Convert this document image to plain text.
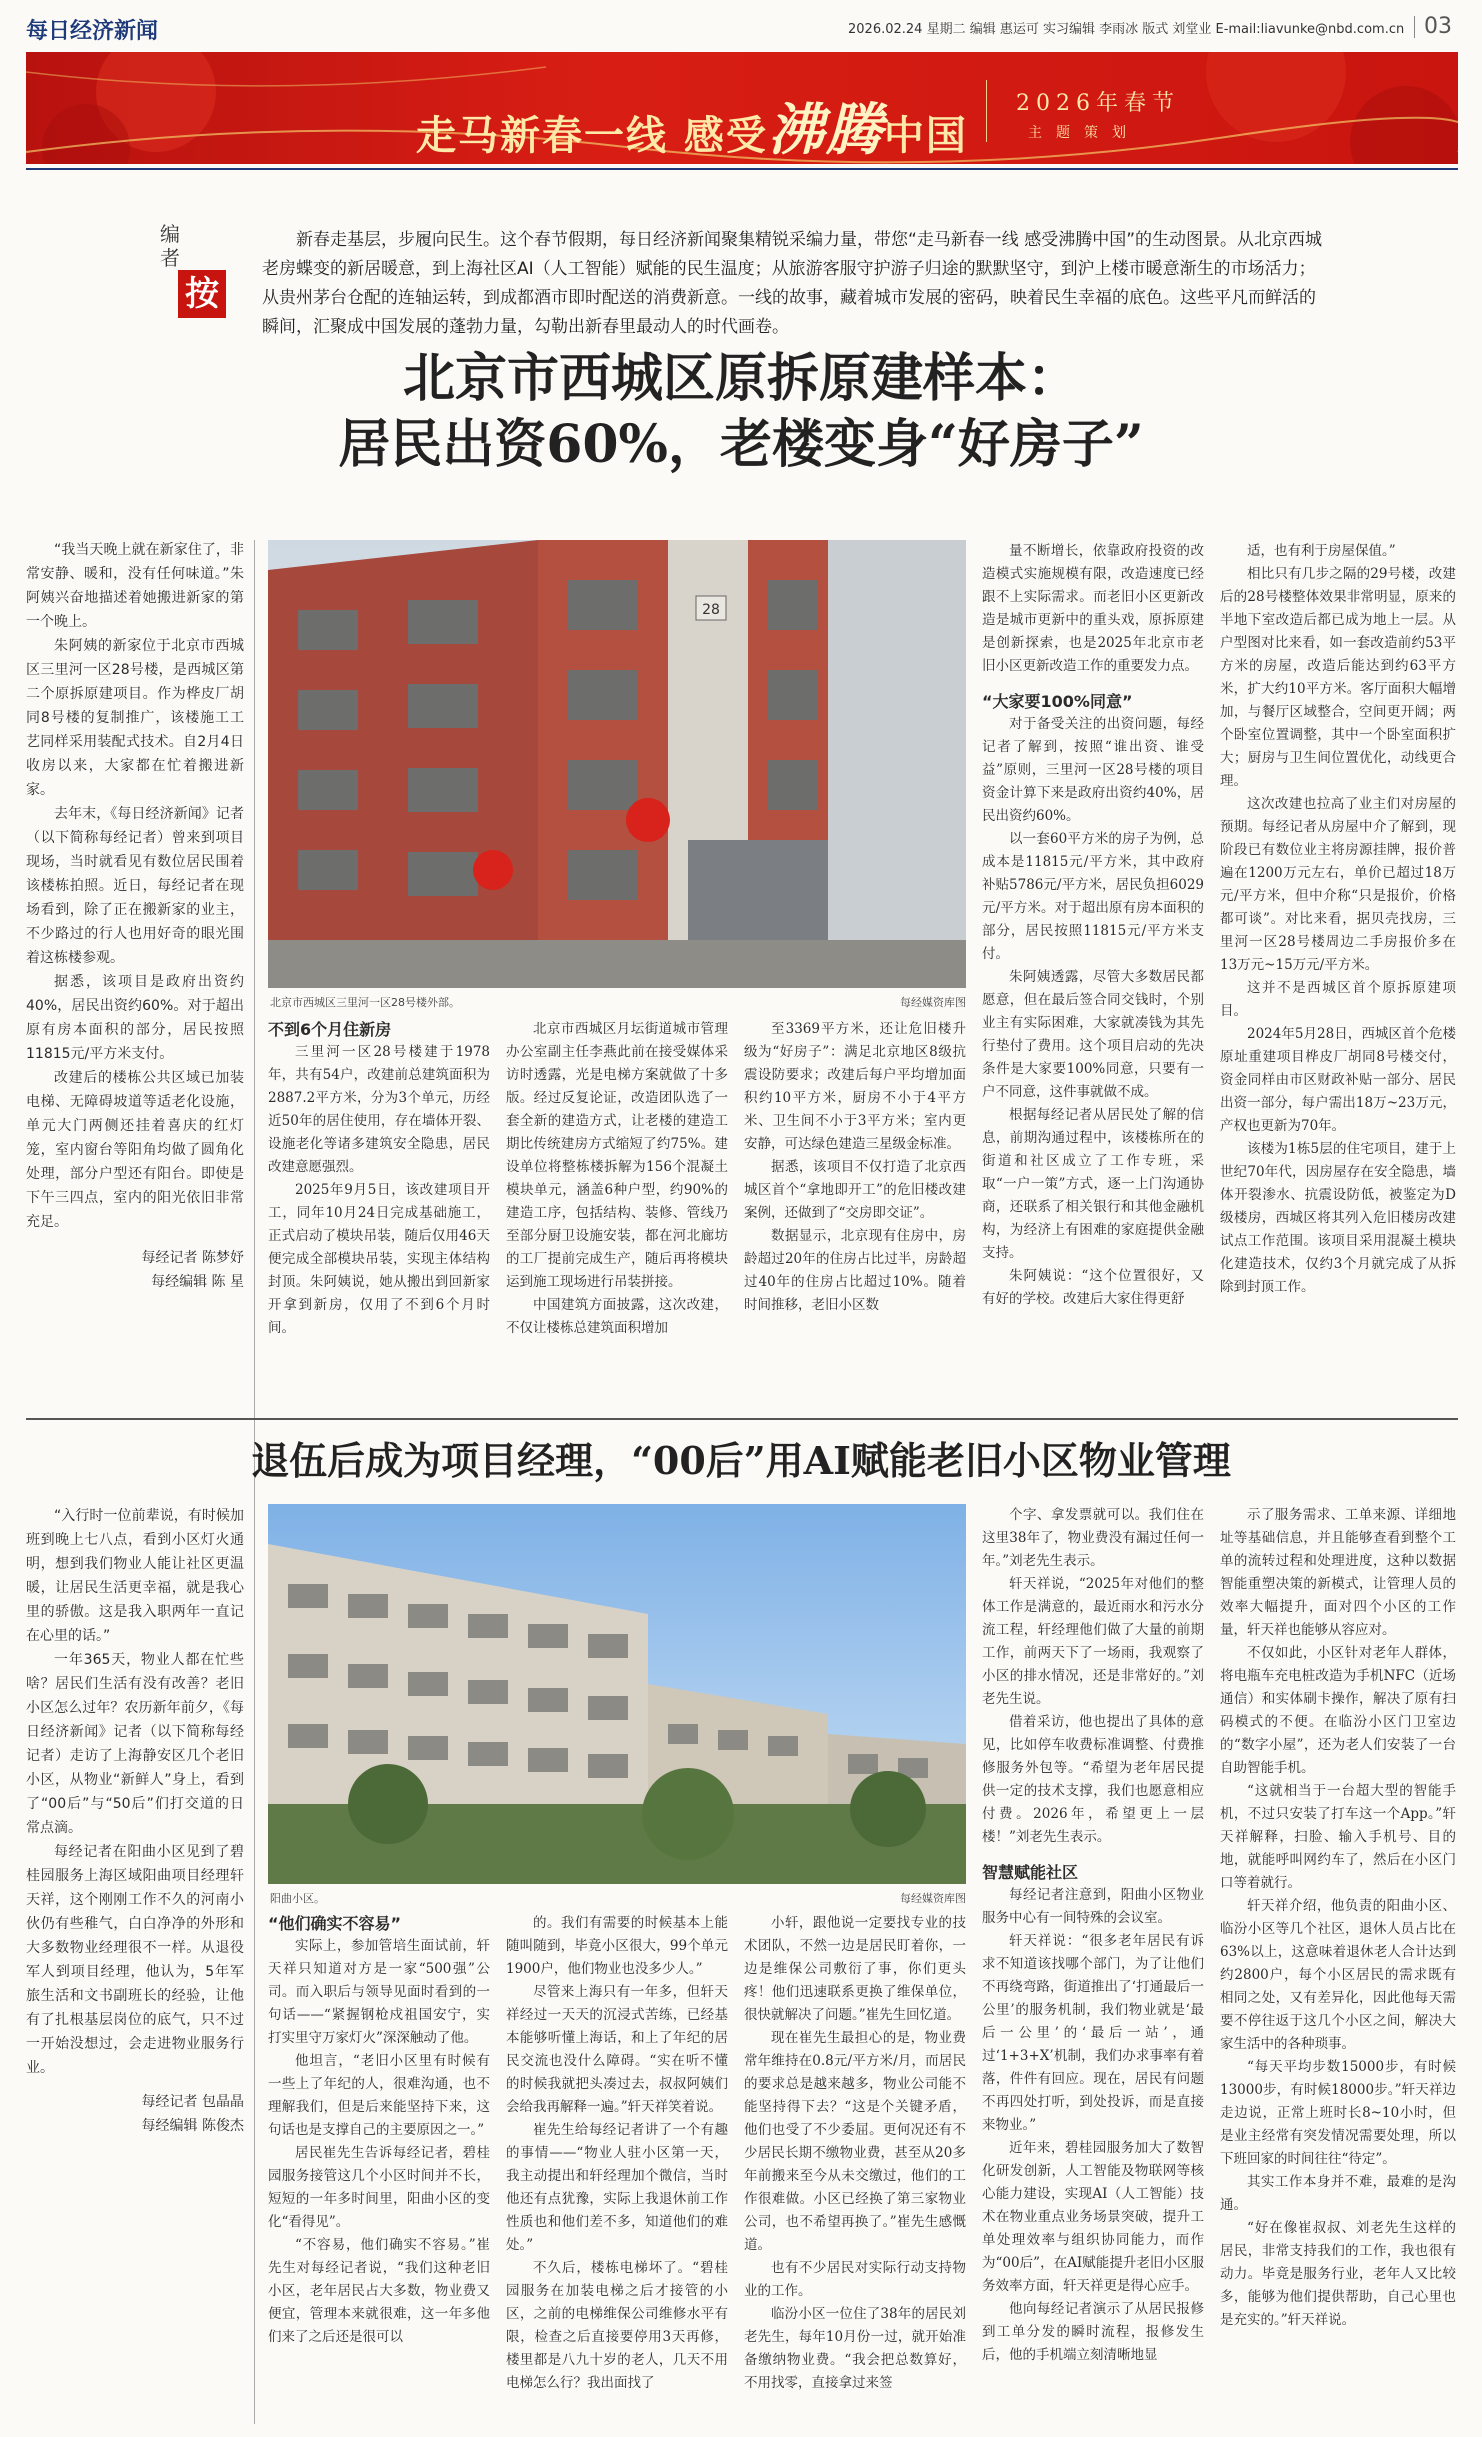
每日经济新闻	2026.02.24 星期二 编辑 惠运可 实习编辑 李雨冰 版式 刘堂业 E-mail:liavunke@nbd.com.cn 03
走马新春一线 感受沸腾中国
2026年春节
主题策划
编者
按
新春走基层，步履向民生。这个春节假期，每日经济新闻聚集精锐采编力量，带您“走马新春一线 感受沸腾中国”的生动图景。从北京西城老房蝶变的新居暖意，到上海社区AI（人工智能）赋能的民生温度；从旅游客服守护游子归途的默默坚守，到沪上楼市暖意渐生的市场活力；从贵州茅台仓配的连轴运转，到成都酒市即时配送的消费新意。一线的故事，藏着城市发展的密码，映着民生幸福的底色。这些平凡而鲜活的瞬间，汇聚成中国发展的蓬勃力量，勾勒出新春里最动人的时代画卷。
北京市西城区原拆原建样本：
居民出资60%，老楼变身“好房子”

“我当天晚上就在新家住了，非常安静、暖和，没有任何味道。”朱阿姨兴奋地描述着她搬进新家的第一个晚上。

朱阿姨的新家位于北京市西城区三里河一区28号楼，是西城区第二个原拆原建项目。作为桦皮厂胡同8号楼的复制推广，该楼施工工艺同样采用装配式技术。自2月4日收房以来，大家都在忙着搬进新家。

去年末，《每日经济新闻》记者（以下简称每经记者）曾来到项目现场，当时就看见有数位居民围着该楼栋拍照。近日，每经记者在现场看到，除了正在搬新家的业主，不少路过的行人也用好奇的眼光围着这栋楼参观。

据悉，该项目是政府出资约40%，居民出资约60%。对于超出原有房本面积的部分，居民按照11815元/平方米支付。

改建后的楼栋公共区域已加装电梯、无障碍坡道等适老化设施，单元大门两侧还挂着喜庆的红灯笼，室内窗台等阳角均做了圆角化处理，部分户型还有阳台。即使是下午三四点，室内的阳光依旧非常充足。

每经记者 陈梦妤
每经编辑 陈 星
28
北京市西城区三里河一区28号楼外部。	每经媒资库图

不到6个月住新房

三里河一区28号楼建于1978年，共有54户，改建前总建筑面积为2887.2平方米，分为3个单元，历经近50年的居住使用，存在墙体开裂、设施老化等诸多建筑安全隐患，居民改建意愿强烈。

2025年9月5日，该改建项目开工，同年10月24日完成基础施工，正式启动了模块吊装，随后仅用46天便完成全部模块吊装，实现主体结构封顶。朱阿姨说，她从搬出到回新家开拿到新房，仅用了不到6个月时间。

北京市西城区月坛街道城市管理办公室副主任李燕此前在接受媒体采访时透露，光是电梯方案就做了十多版。经过反复论证，改造团队选了一套全新的建造方式，让老楼的建造工期比传统建房方式缩短了约75%。建设单位将整栋楼拆解为156个混凝土模块单元，涵盖6种户型，约90%的建造工序，包括结构、装修、管线乃至部分厨卫设施安装，都在河北廊坊的工厂提前完成生产，随后再将模块运到施工现场进行吊装拼接。

中国建筑方面披露，这次改建，不仅让楼栋总建筑面积增加

至3369平方米，还让危旧楼升级为“好房子”：满足北京地区8级抗震设防要求；改建后每户平均增加面积约10平方米，厨房不小于4平方米、卫生间不小于3平方米；室内更安静，可达绿色建造三星级金标准。

据悉，该项目不仅打造了北京西城区首个“拿地即开工”的危旧楼改建案例，还做到了“交房即交证”。

数据显示，北京现有住房中，房龄超过20年的住房占比过半，房龄超过40年的住房占比超过10%。随着时间推移，老旧小区数

量不断增长，依靠政府投资的改造模式实施规模有限，改造速度已经跟不上实际需求。而老旧小区更新改造是城市更新中的重头戏，原拆原建是创新探索，也是2025年北京市老旧小区更新改造工作的重要发力点。

“大家要100%同意”

对于备受关注的出资问题，每经记者了解到，按照“谁出资、谁受益”原则，三里河一区28号楼的项目资金计算下来是政府出资约40%，居民出资约60%。

以一套60平方米的房子为例，总成本是11815元/平方米，其中政府补贴5786元/平方米，居民负担6029元/平方米。对于超出原有房本面积的部分，居民按照11815元/平方米支付。

朱阿姨透露，尽管大多数居民都愿意，但在最后签合同交钱时，个别业主有实际困难，大家就凑钱为其先行垫付了费用。这个项目启动的先决条件是大家要100%同意，只要有一户不同意，这件事就做不成。

根据每经记者从居民处了解的信息，前期沟通过程中，该楼栋所在的街道和社区成立了工作专班，采取“一户一策”方式，逐一上门沟通协商，还联系了相关银行和其他金融机构，为经济上有困难的家庭提供金融支持。

朱阿姨说：“这个位置很好，又有好的学校。改建后大家住得更舒

适，也有利于房屋保值。”

相比只有几步之隔的29号楼，改建后的28号楼整体效果非常明显，原来的半地下室改造后都已成为地上一层。从户型图对比来看，如一套改造前约53平方米的房屋，改造后能达到约63平方米，扩大约10平方米。客厅面积大幅增加，与餐厅区域整合，空间更开阔；两个卧室位置调整，其中一个卧室面积扩大；厨房与卫生间位置优化，动线更合理。

这次改建也拉高了业主们对房屋的预期。每经记者从房屋中介了解到，现阶段已有数位业主将房源挂牌，报价普遍在1200万元左右，单价已超过18万元/平方米，但中介称“只是报价，价格都可谈”。对比来看，据贝壳找房，三里河一区28号楼周边二手房报价多在13万元~15万元/平方米。

这并不是西城区首个原拆原建项目。

2024年5月28日，西城区首个危楼原址重建项目桦皮厂胡同8号楼交付，资金同样由市区财政补贴一部分、居民出资一部分，每户需出18万~23万元，产权也更新为70年。

该楼为1栋5层的住宅项目，建于上世纪70年代，因房屋存在安全隐患，墙体开裂渗水、抗震设防低，被鉴定为D级楼房，西城区将其列入危旧楼房改建试点工作范围。该项目采用混凝土模块化建造技术，仅约3个月就完成了从拆除到封顶工作。

退伍后成为项目经理，“00后”用AI赋能老旧小区物业管理

“入行时一位前辈说，有时候加班到晚上七八点，看到小区灯火通明，想到我们物业人能让社区更温暖，让居民生活更幸福，就是我心里的骄傲。这是我入职两年一直记在心里的话。”

一年365天，物业人都在忙些啥？居民们生活有没有改善？老旧小区怎么过年？农历新年前夕，《每日经济新闻》记者（以下简称每经记者）走访了上海静安区几个老旧小区，从物业“新鲜人”身上，看到了“00后”与“50后”们打交道的日常点滴。

每经记者在阳曲小区见到了碧桂园服务上海区域阳曲项目经理轩天祥，这个刚刚工作不久的河南小伙仍有些稚气，白白净净的外形和大多数物业经理很不一样。从退役军人到项目经理，他认为，5年军旅生活和文书副班长的经验，让他有了扎根基层岗位的底气，只不过一开始没想过，会走进物业服务行业。

每经记者 包晶晶
每经编辑 陈俊杰
阳曲小区。	每经媒资库图

“他们确实不容易”

实际上，参加管培生面试前，轩天祥只知道对方是一家“500强”公司。而入职后与领导见面时看到的一句话——“紧握钢枪戍祖国安宁，实打实里守万家灯火”深深触动了他。

他坦言，“老旧小区里有时候有一些上了年纪的人，很难沟通，也不理解我们，但是后来能坚持下来，这句话也是支撑自己的主要原因之一。”

居民崔先生告诉每经记者，碧桂园服务接管这几个小区时间并不长，短短的一年多时间里，阳曲小区的变化“看得见”。

“不容易，他们确实不容易。”崔先生对每经记者说，“我们这种老旧小区，老年居民占大多数，物业费又便宜，管理本来就很难，这一年多他们来了之后还是很可以

的。我们有需要的时候基本上能随叫随到，毕竟小区很大，99个单元1900户，他们物业也没多少人。”

尽管来上海只有一年多，但轩天祥经过一天天的沉浸式苦练，已经基本能够听懂上海话，和上了年纪的居民交流也没什么障碍。“实在听不懂的时候我就把头凑过去，叔叔阿姨们会给我再解释一遍。”轩天祥笑着说。

崔先生给每经记者讲了一个有趣的事情——“物业人驻小区第一天，我主动提出和轩经理加个微信，当时他还有点犹豫，实际上我退休前工作性质也和他们差不多，知道他们的难处。”

不久后，楼栋电梯坏了。“碧桂园服务在加装电梯之后才接管的小区，之前的电梯维保公司维修水平有限，检查之后直接要停用3天再修，楼里都是八九十岁的老人，几天不用电梯怎么行？我出面找了

小轩，跟他说一定要找专业的技术团队，不然一边是居民盯着你，一边是维保公司敷衍了事，你们更头疼！他们迅速联系更换了维保单位，很快就解决了问题。”崔先生回忆道。

现在崔先生最担心的是，物业费常年维持在0.8元/平方米/月，而居民的要求总是越来越多，物业公司能不能坚持得下去？“这是个关键矛盾，他们也受了不少委屈。更何况还有不少居民长期不缴物业费，甚至从20多年前搬来至今从未交缴过，他们的工作很难做。小区已经换了第三家物业公司，也不希望再换了。”崔先生感慨道。

也有不少居民对实际行动支持物业的工作。

临汾小区一位住了38年的居民刘老先生，每年10月份一过，就开始准备缴纳物业费。“我会把总数算好，不用找零，直接拿过来签

个字、拿发票就可以。我们住在这里38年了，物业费没有漏过任何一年。”刘老先生表示。

轩天祥说，“2025年对他们的整体工作是满意的，最近雨水和污水分流工程，轩经理他们做了大量的前期工作，前两天下了一场雨，我观察了小区的排水情况，还是非常好的。”刘老先生说。

借着采访，他也提出了具体的意见，比如停车收费标准调整、付费推修服务外包等。“希望为老年居民提供一定的技术支撑，我们也愿意相应付费。2026年，希望更上一层楼！”刘老先生表示。

智慧赋能社区

每经记者注意到，阳曲小区物业服务中心有一间特殊的会议室。

轩天祥说：“很多老年居民有诉求不知道该找哪个部门，为了让他们不再绕弯路，街道推出了‘打通最后一公里’的服务机制，我们物业就是‘最后一公里’的‘最后一站’，通过‘1+3+X’机制，我们办求事率有着落，件件有回应。现在，居民有问题不再四处打听，到处投诉，而是直接来物业。”

近年来，碧桂园服务加大了数智化研发创新，人工智能及物联网等核心能力建设，实现AI（人工智能）技术在物业重点业务场景突破，提升工单处理效率与组织协同能力，而作为“00后”，在AI赋能提升老旧小区服务效率方面，轩天祥更是得心应手。

他向每经记者演示了从居民报修到工单分发的瞬时流程，报修发生后，他的手机端立刻清晰地显

示了服务需求、工单来源、详细地址等基础信息，并且能够查看到整个工单的流转过程和处理进度，这种以数据智能重塑决策的新模式，让管理人员的效率大幅提升，面对四个小区的工作量，轩天祥也能够从容应对。

不仅如此，小区针对老年人群体，将电瓶车充电桩改造为手机NFC（近场通信）和实体刷卡操作，解决了原有扫码模式的不便。在临汾小区门卫室边的“数字小屋”，还为老人们安装了一台自助智能手机。

“这就相当于一台超大型的智能手机，不过只安装了打车这一个App。”轩天祥解释，扫脸、输入手机号、目的地，就能呼叫网约车了，然后在小区门口等着就行。

轩天祥介绍，他负责的阳曲小区、临汾小区等几个社区，退休人员占比在63%以上，这意味着退休老人合计达到约2800户，每个小区居民的需求既有相同之处，又有差异化，因此他每天需要不停往返于这几个小区之间，解决大家生活中的各种琐事。

“每天平均步数15000步，有时候13000步，有时候18000步。”轩天祥边走边说，正常上班时长8~10小时，但是业主经常有突发情况需要处理，所以下班回家的时间往往“待定”。

其实工作本身并不难，最难的是沟通。

“好在像崔叔叔、刘老先生这样的居民，非常支持我们的工作，我也很有动力。毕竟是服务行业，老年人又比较多，能够为他们提供帮助，自己心里也是充实的。”轩天祥说。
